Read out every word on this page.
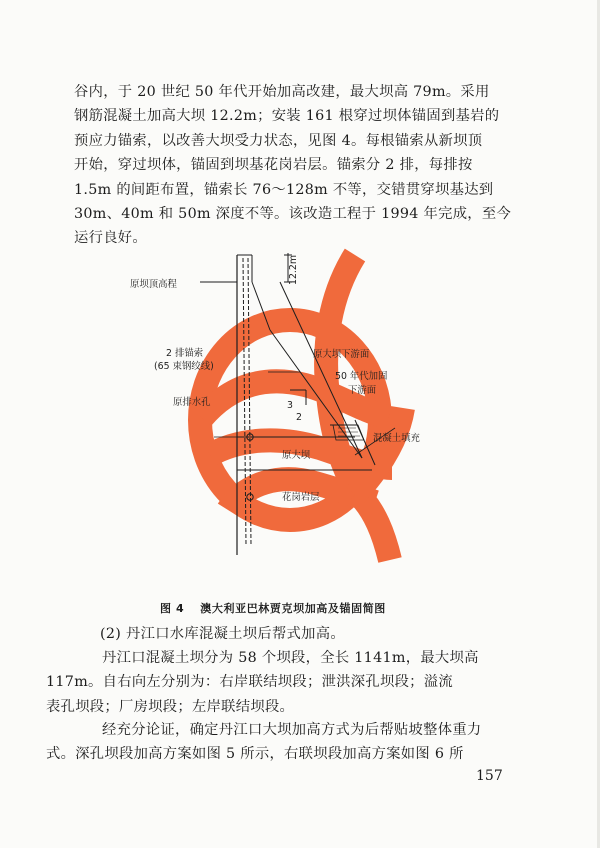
谷内，于 20 世纪 50 年代开始加高改建，最大坝高 79m。采用

钢筋混凝土加高大坝 12.2m；安装 161 根穿过坝体锚固到基岩的

预应力锚索，以改善大坝受力状态，见图 4。每根锚索从新坝顶

开始，穿过坝体，锚固到坝基花岗岩层。锚索分 2 排，每排按

1.5m 的间距布置，锚索长 76～128m 不等，交错贯穿坝基达到

30m、40m 和 50m 深度不等。该改造工程于 1994 年完成，至今

运行良好。

12.2m
原坝顶高程
2 排锚索
(65 束钢绞线)
原排水孔
原大坝下游面
50 年代加固
下游面
3
2
混凝土填充
原大坝
花岗岩层
图 4 澳大利亚巴林贾克坝加高及锚固简图
(2) 丹江口水库混凝土坝后帮式加高。

丹江口混凝土坝分为 58 个坝段，全长 1141m，最大坝高

117m。自右向左分别为：右岸联结坝段；泄洪深孔坝段；溢流

表孔坝段；厂房坝段；左岸联结坝段。

经充分论证，确定丹江口大坝加高方式为后帮贴坡整体重力

式。深孔坝段加高方案如图 5 所示，右联坝段加高方案如图 6 所

157
